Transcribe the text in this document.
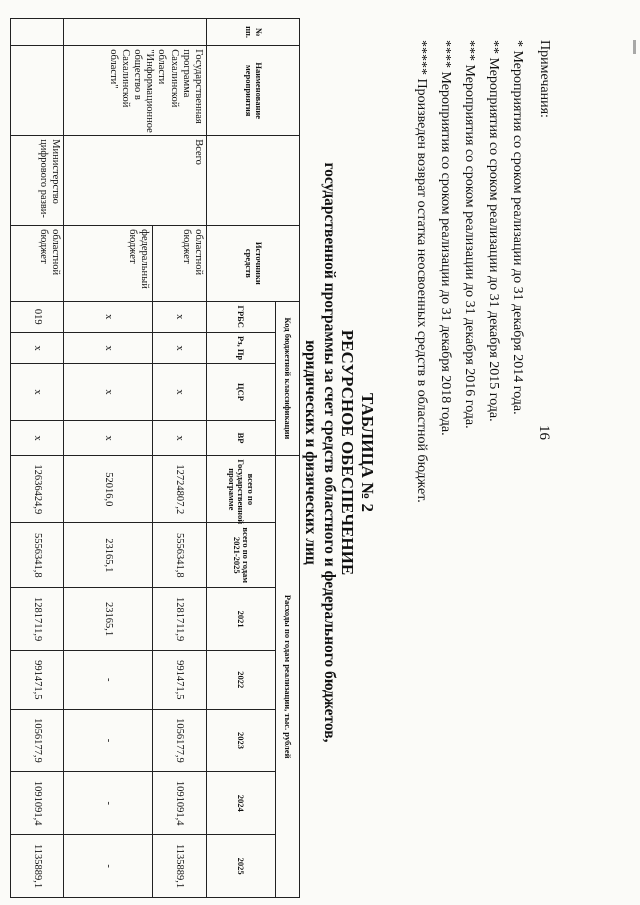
16
Примечания:
* Мероприятия со сроком реализации до 31 декабря 2014 года.
** Мероприятия со сроком реализации до 31 декабря 2015 года.
*** Мероприятия со сроком реализации до 31 декабря 2016 года.
**** Мероприятия со сроком реализации до 31 декабря 2018 года.
***** Произведен возврат остатка неосвоенных средств в областной бюджет.
ТАБЛИЦА № 2
РЕСУРСНОЕ ОБЕСПЕЧЕНИЕ
государственной программы за счет средств областного и федерального бюджетов,
юридических и физических лиц
№ пп.	Наименование мероприятия		Источники средств	Код бюджетной классификации				Расходы по годам реализации, тыс. рублей						
				ГРБС	Рз, Пр	ЦСР	ВР	всего по Государственной программе	всего по годам 2021-2025	2021	2022	2023	2024	2025
	Государственная программа Сахалинской области "Информационное общество в Сахалинской области"	Всего	областной бюджет	x	x	x	x	12724807,2	5556341,8	1281711,9	991471,5	1056177,9	1091091,4	1135889,1
			федеральный бюджет	x	x	x	x	52016,0	23165,1	23165,1	-	-	-	-
		Министерство цифрового разви-	областной бюджет	019	x	x	x	12636424,9	5556341,8	1281711,9	991471,5	1056177,9	1091091,4	1135889,1
